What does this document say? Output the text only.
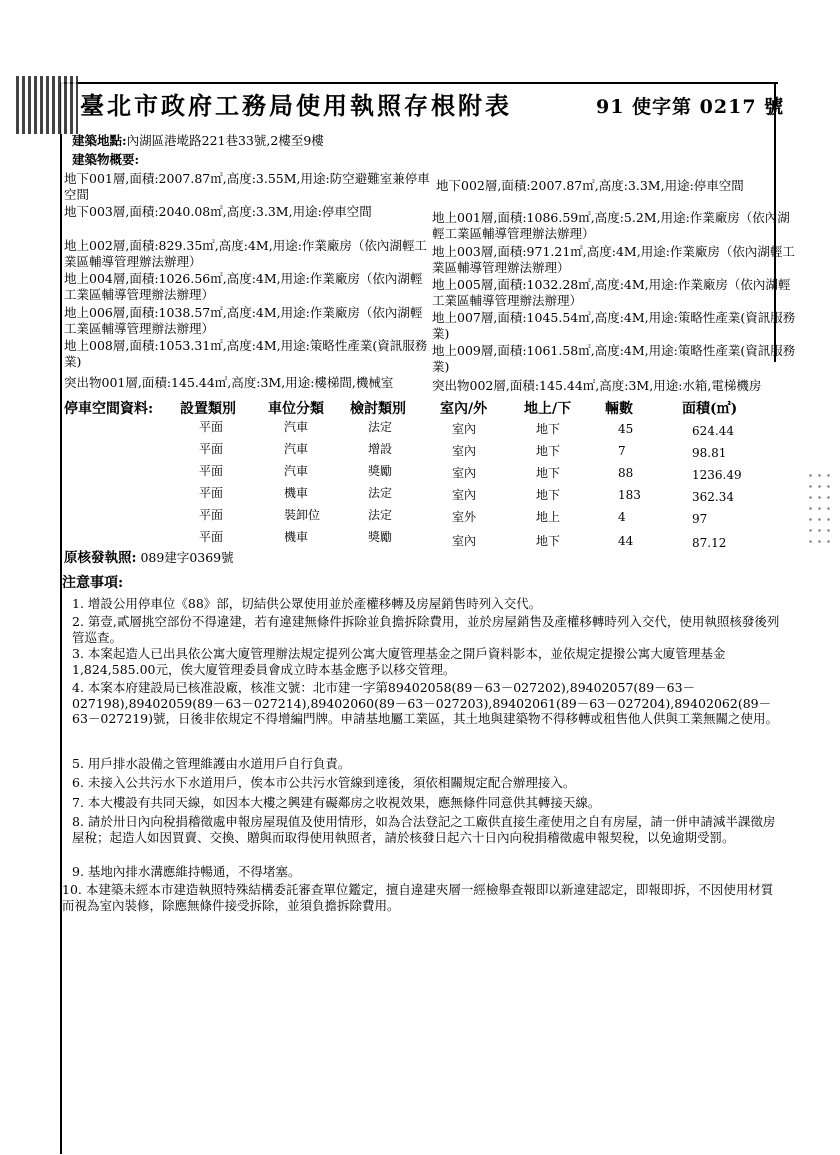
臺北市政府工務局使用執照存根附表	91 使字第 0217 號
建築地點:內湖區港墘路221巷33號,2樓至9樓
建築物概要:
地下001層,面積:2007.87㎡,高度:3.55M,用途:防空避難室兼停車空間
地下002層,面積:2007.87㎡,高度:3.3M,用途:停車空間
地下003層,面積:2040.08㎡,高度:3.3M,用途:停車空間	地上001層,面積:1086.59㎡,高度:5.2M,用途:作業廠房（依內湖輕工業區輔導管理辦法辦理）
地上002層,面積:829.35㎡,高度:4M,用途:作業廠房（依內湖輕工業區輔導管理辦法辦理）
地上003層,面積:971.21㎡,高度:4M,用途:作業廠房（依內湖輕工業區輔導管理辦法辦理）
地上004層,面積:1026.56㎡,高度:4M,用途:作業廠房（依內湖輕工業區輔導管理辦法辦理）
地上005層,面積:1032.28㎡,高度:4M,用途:作業廠房（依內湖輕工業區輔導管理辦法辦理）
地上006層,面積:1038.57㎡,高度:4M,用途:作業廠房（依內湖輕工業區輔導管理辦法辦理）
地上007層,面積:1045.54㎡,高度:4M,用途:策略性產業(資訊服務業)
地上008層,面積:1053.31㎡,高度:4M,用途:策略性產業(資訊服務業)
地上009層,面積:1061.58㎡,高度:4M,用途:策略性產業(資訊服務業)
突出物001層,面積:145.44㎡,高度:3M,用途:樓梯間,機械室	突出物002層,面積:145.44㎡,高度:3M,用途:水箱,電梯機房
停車空間資料: 設置類別 車位分類 檢討類別 室內/外	地上/下 輛數	面積(㎡)
平面	汽車	法定	室內	地下	45	624.44
平面	汽車	增設	室內	地下	7	98.81
平面	汽車	獎勵	室內	地下	88	1236.49
平面	機車	法定	室內	地下	183	362.34
平面	裝卸位	法定	室外	地上	4	97
平面	機車	獎勵	室內	地下	44	87.12
原核發執照: 089建字0369號
注意事項:
1. 增設公用停車位《88》部，切結供公眾使用並於產權移轉及房屋銷售時列入交代。
2. 第壹,貳層挑空部份不得違建，若有違建無條件拆除並負擔拆除費用，並於房屋銷售及產權移轉時列入交代，使用執照核發後列管巡查。
3. 本案起造人已出具依公寓大廈管理辦法規定提列公寓大廈管理基金之開戶資料影本，並依規定提撥公寓大廈管理基金1,824,585.00元，俟大廈管理委員會成立時本基金應予以移交管理。
4. 本案本府建設局已核准設廠，核准文號：北市建一字第89402058(89－63－027202),89402057(89－63－027198),89402059(89－63－027214),89402060(89－63－027203),89402061(89－63－027204),89402062(89－63－027219)號，日後非依規定不得增編門牌。申請基地屬工業區，其土地與建築物不得移轉或租售他人供與工業無關之使用。
5. 用戶排水設備之管理維護由水道用戶自行負責。
6. 未接入公共污水下水道用戶，俟本市公共污水管線到達後，須依相關規定配合辦理接入。
7. 本大樓設有共同天線，如因本大樓之興建有礙鄰房之收視效果，應無條件同意供其轉接天線。
8. 請於卅日內向稅捐稽徵處申報房屋現值及使用情形，如為合法登記之工廠供直接生產使用之自有房屋，請一併申請減半課徵房屋稅；起造人如因買賣、交換、贈與而取得使用執照者，請於核發日起六十日內向稅捐稽徵處申報契稅，以免逾期受罰。
9. 基地內排水溝應維持暢通，不得堵塞。
10. 本建築未經本市建造執照特殊結構委託審查單位鑑定，擅自違建夾層一經檢舉查報即以新違建認定，即報即拆，不因使用材質而視為室內裝修，除應無條件接受拆除，並須負擔拆除費用。
